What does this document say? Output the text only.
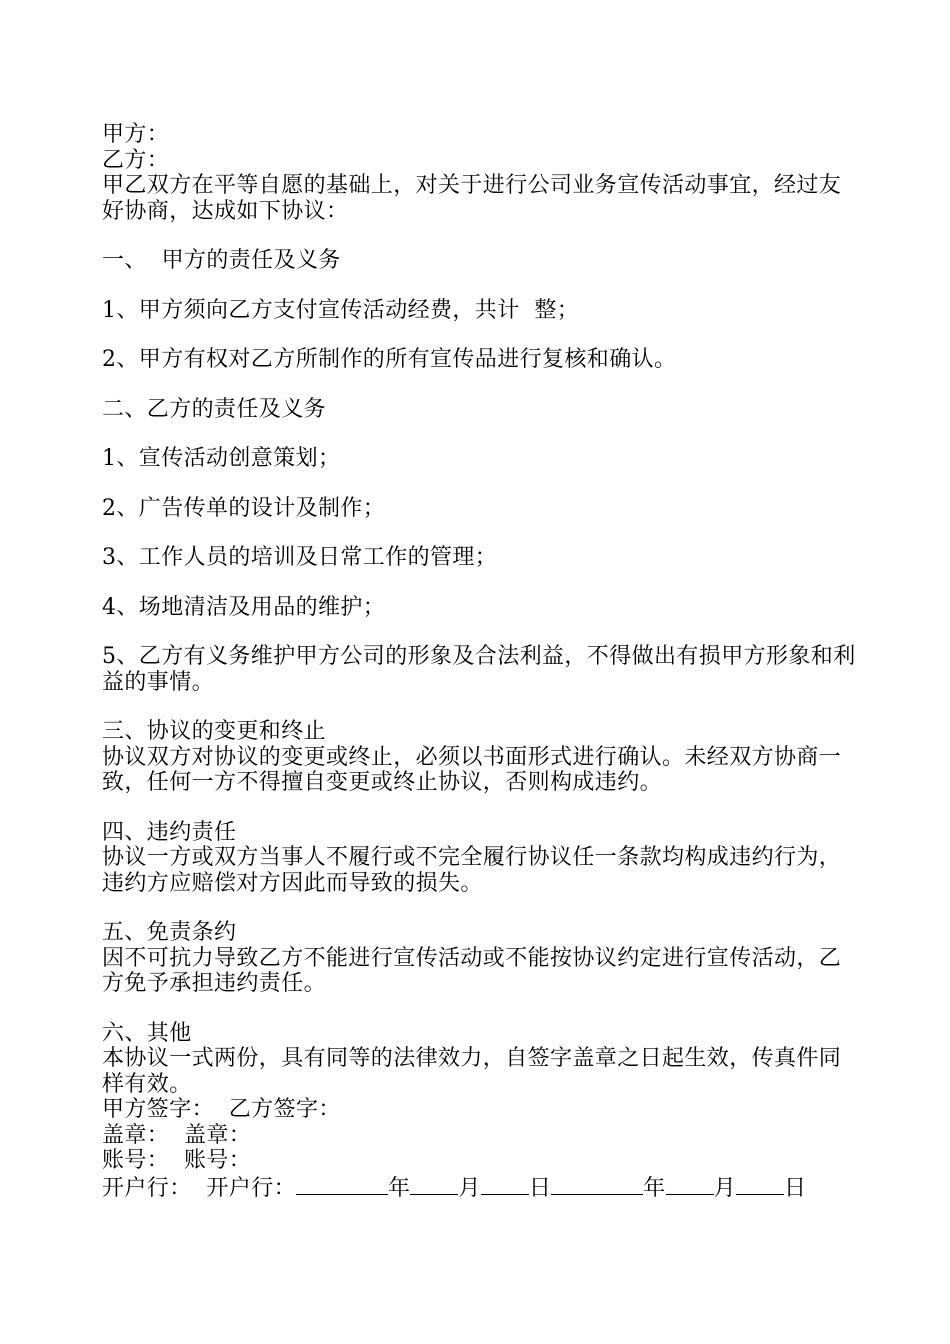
甲方：

乙方：

甲乙双方在平等自愿的基础上，对关于进行公司业务宣传活动事宜，经过友好协商，达成如下协议：

一、  甲方的责任及义务

1、甲方须向乙方支付宣传活动经费，共计  整；

2、甲方有权对乙方所制作的所有宣传品进行复核和确认。

二、乙方的责任及义务

1、宣传活动创意策划；

2、广告传单的设计及制作；

3、工作人员的培训及日常工作的管理；

4、场地清洁及用品的维护；

5、乙方有义务维护甲方公司的形象及合法利益，不得做出有损甲方形象和利益的事情。

三、协议的变更和终止

协议双方对协议的变更或终止，必须以书面形式进行确认。未经双方协商一致，任何一方不得擅自变更或终止协议，否则构成违约。

四、违约责任

协议一方或双方当事人不履行或不完全履行协议任一条款均构成违约行为，违约方应赔偿对方因此而导致的损失。

五、免责条约

因不可抗力导致乙方不能进行宣传活动或不能按协议约定进行宣传活动，乙方免予承担违约责任。

六、其他

本协议一式两份，具有同等的法律效力，自签字盖章之日起生效，传真件同样有效。

甲方签字：  乙方签字：

盖章：  盖章：

账号：  账号：

开户行：  开户行：	年 月 日	年 月 日
